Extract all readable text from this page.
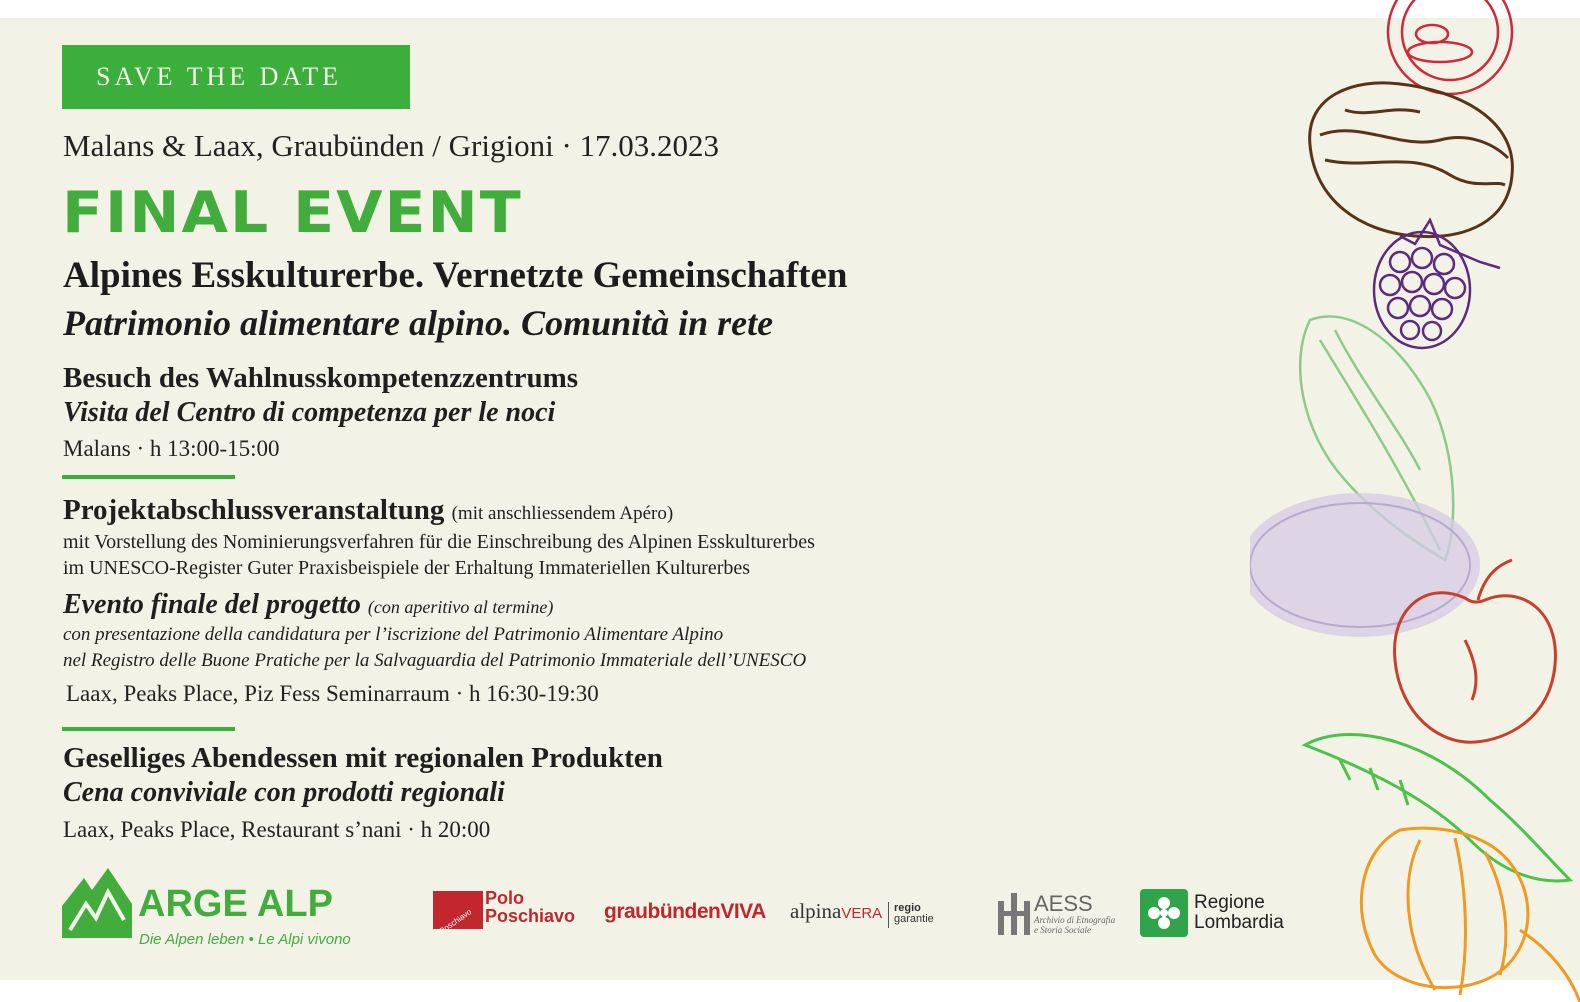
SAVE THE DATE
Malans & Laax, Graubünden / Grigioni · 17.03.2023
FINAL EVENT
Alpines Esskulturerbe. Vernetzte Gemeinschaften
Patrimonio alimentare alpino. Comunità in rete
Besuch des Wahlnusskompetenzzentrums
Visita del Centro di competenza per le noci
Malans · h 13:00-15:00
Projektabschlussveranstaltung (mit anschliessendem Apéro)
mit Vorstellung des Nominierungsverfahren für die Einschreibung des Alpinen Esskulturerbes
im UNESCO-Register Guter Praxisbeispiele der Erhaltung Immateriellen Kulturerbes
Evento finale del progetto (con aperitivo al termine)
con presentazione della candidatura per l’iscrizione del Patrimonio Alimentare Alpino
nel Registro delle Buone Pratiche per la Salvaguardia del Patrimonio Immateriale dell’UNESCO
Laax, Peaks Place, Piz Fess Seminarraum · h 16:30-19:30
Geselliges Abendessen mit regionalen Produkten
Cena conviviale con prodotti regionali
Laax, Peaks Place, Restaurant s’nani · h 20:00
ARGE ALP
Die Alpen leben • Le Alpi vivono
Poschiavo
Polo
Poschiavo graubündenVIVA alpinaVERA regio
garantie
AESS
Archivio di Etnografia
e Storia Sociale
Regione
Lombardia
